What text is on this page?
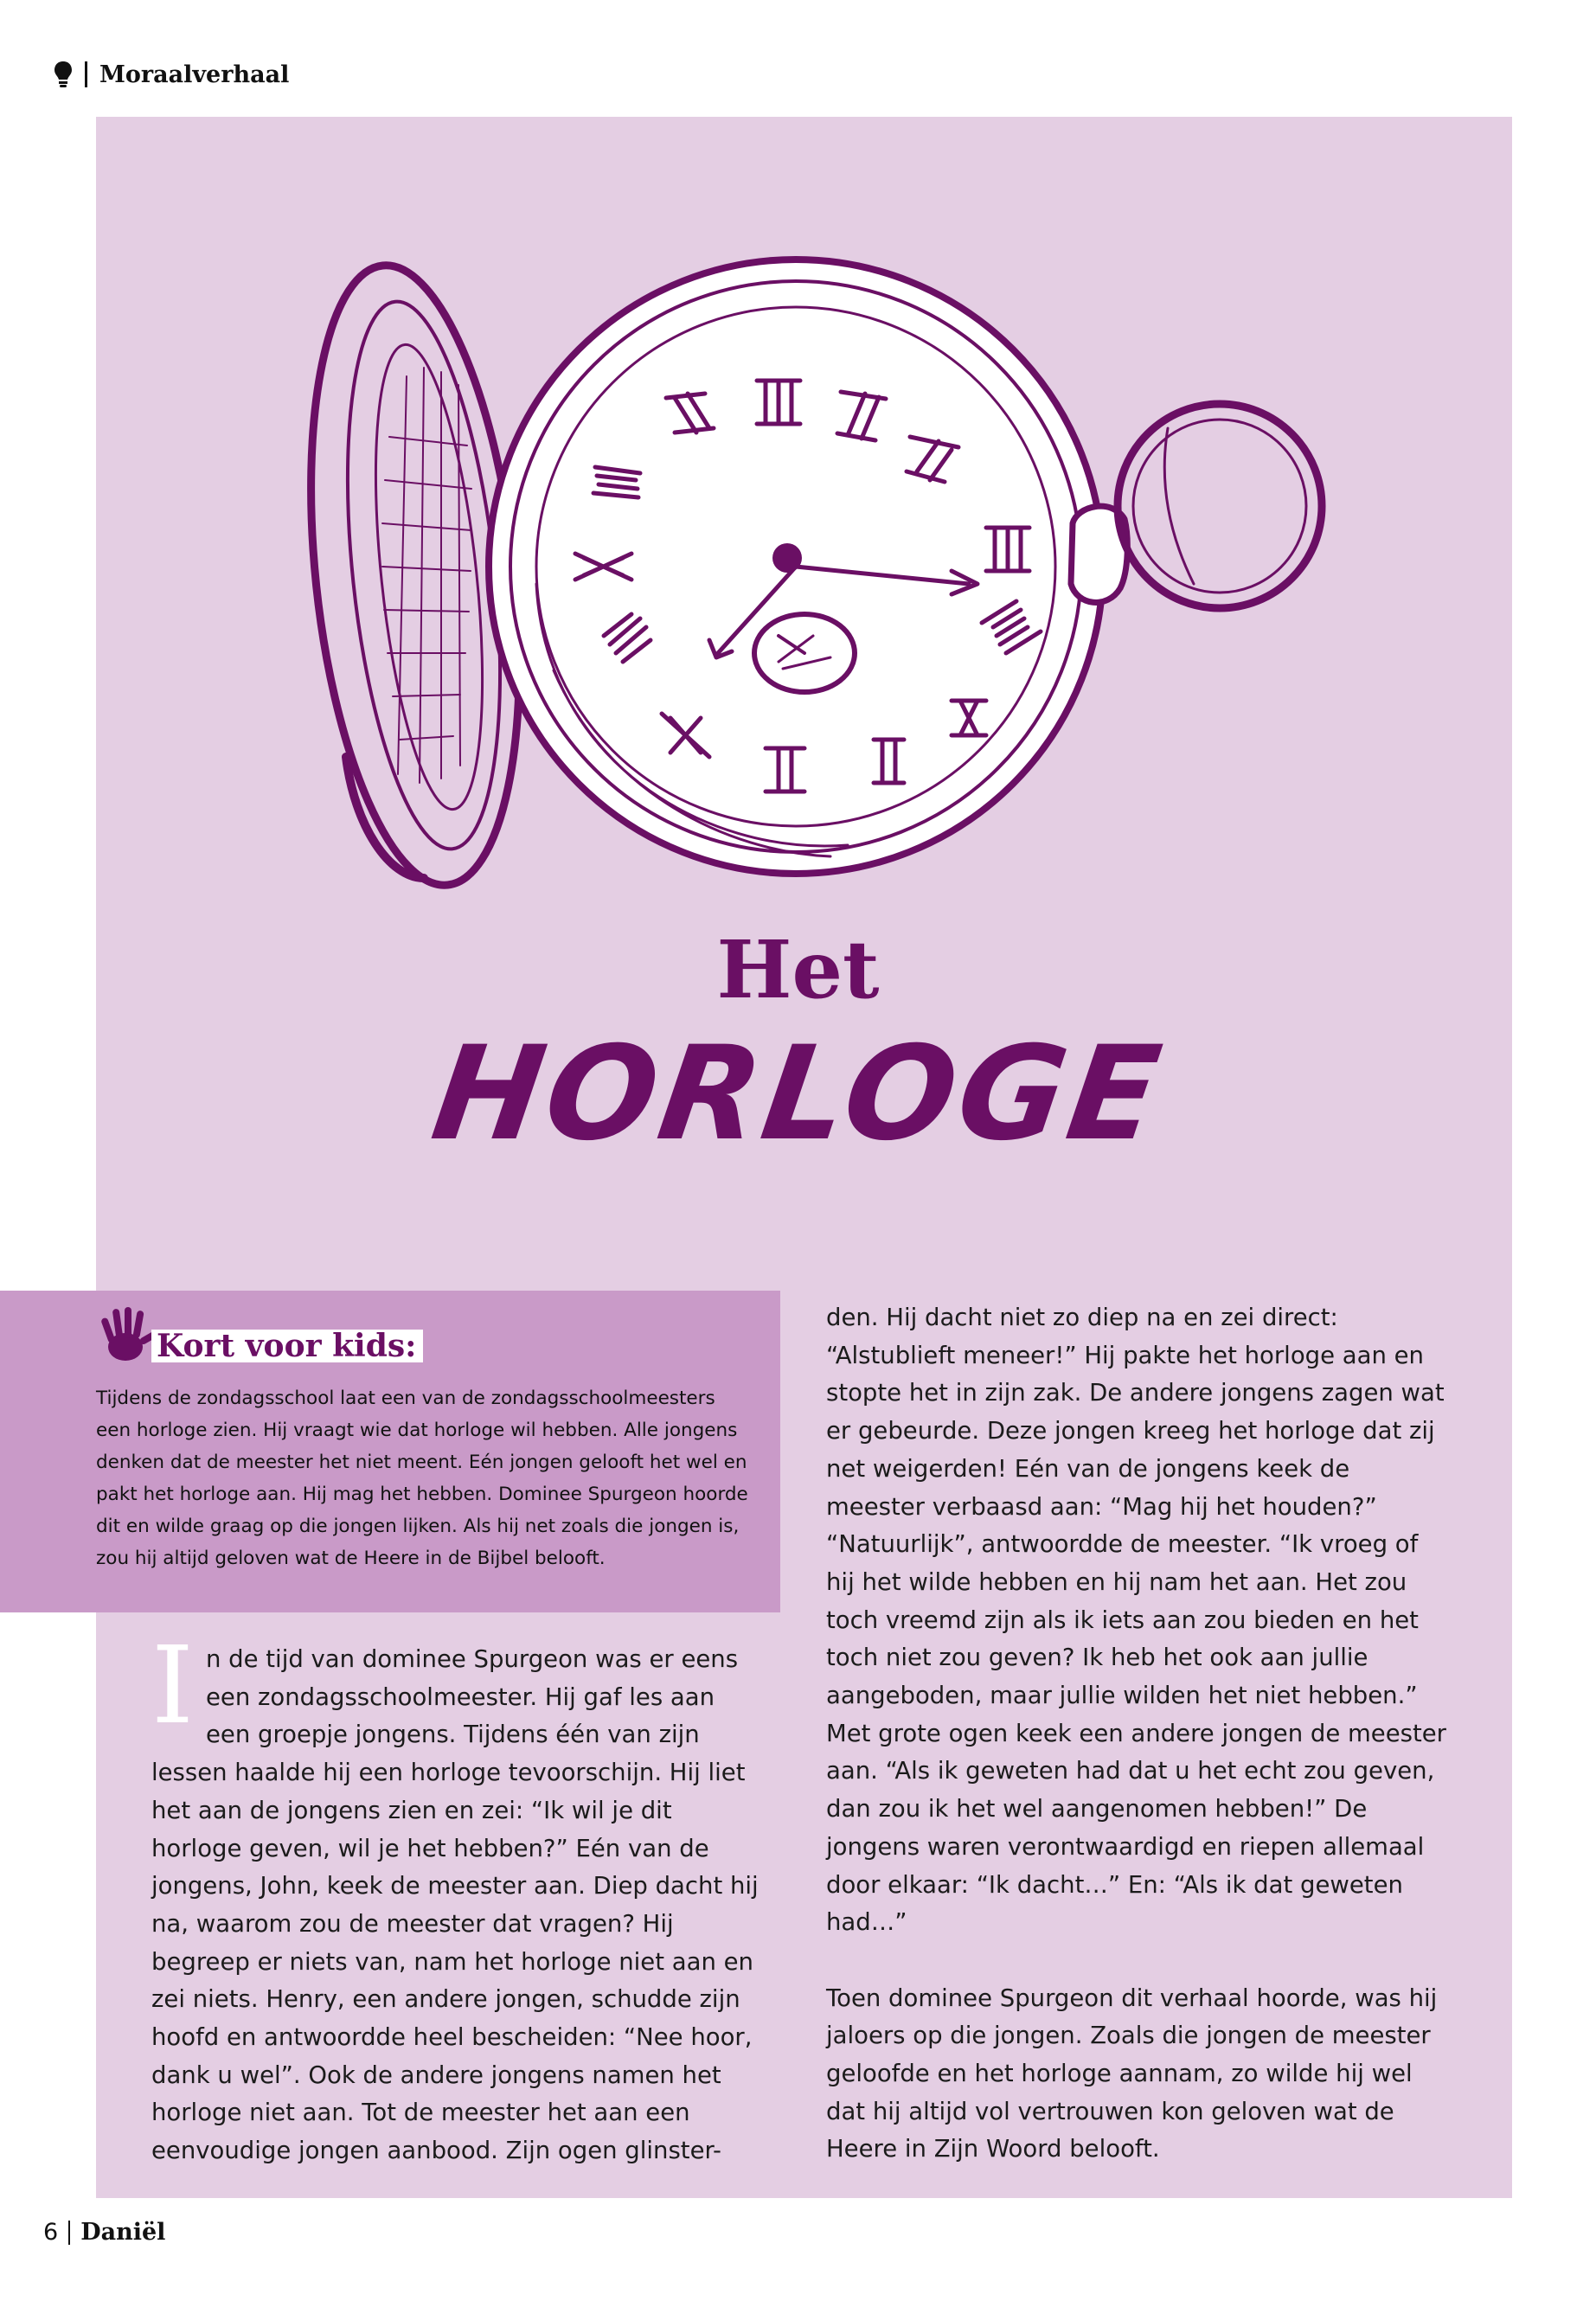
Moraalverhaal
Het
HORLOGE
Kort voor kids:
Tijdens de zondagsschool laat een van de zondagsschoolmeesters een horloge zien. Hij vraagt wie dat horloge wil hebben. Alle jongens denken dat de meester het niet meent. Eén jongen gelooft het wel en pakt het horloge aan. Hij mag het hebben. Dominee Spurgeon hoorde dit en wilde graag op die jongen lijken. Als hij net zoals die jongen is, zou hij altijd geloven wat de Heere in de Bijbel belooft.
I n de tijd van dominee Spurgeon was er eens een zondagsschoolmeester. Hij gaf les aan een groepje jongens. Tijdens één van zijn lessen haalde hij een horloge tevoorschijn. Hij liet het aan de jongens zien en zei: “Ik wil je dit horloge geven, wil je het hebben?” Eén van de jongens, John, keek de meester aan. Diep dacht hij na, waarom zou de meester dat vragen? Hij begreep er niets van, nam het horloge niet aan en zei niets. Henry, een andere jongen, schudde zijn hoofd en antwoordde heel bescheiden: “Nee hoor, dank u wel”. Ook de andere jongens namen het horloge niet aan. Tot de meester het aan een eenvoudige jongen aanbood. Zijn ogen glinster-

den. Hij dacht niet zo diep na en zei direct: “Alstublieft meneer!” Hij pakte het horloge aan en stopte het in zijn zak. De andere jongens zagen wat er gebeurde. Deze jongen kreeg het horloge dat zij net weigerden! Eén van de jongens keek de meester verbaasd aan: “Mag hij het houden?” “Natuurlijk”, antwoordde de meester. “Ik vroeg of hij het wilde hebben en hij nam het aan. Het zou toch vreemd zijn als ik iets aan zou bieden en het toch niet zou geven? Ik heb het ook aan jullie aangeboden, maar jullie wilden het niet hebben.” Met grote ogen keek een andere jongen de meester aan. “Als ik geweten had dat u het echt zou geven, dan zou ik het wel aangenomen hebben!” De jongens waren verontwaardigd en riepen allemaal door elkaar: “Ik dacht…” En: “Als ik dat geweten had…”

Toen dominee Spurgeon dit verhaal hoorde, was hij jaloers op die jongen. Zoals die jongen de meester geloofde en het horloge aannam, zo wilde hij wel dat hij altijd vol vertrouwen kon geloven wat de Heere in Zijn Woord belooft.

6 Daniël
